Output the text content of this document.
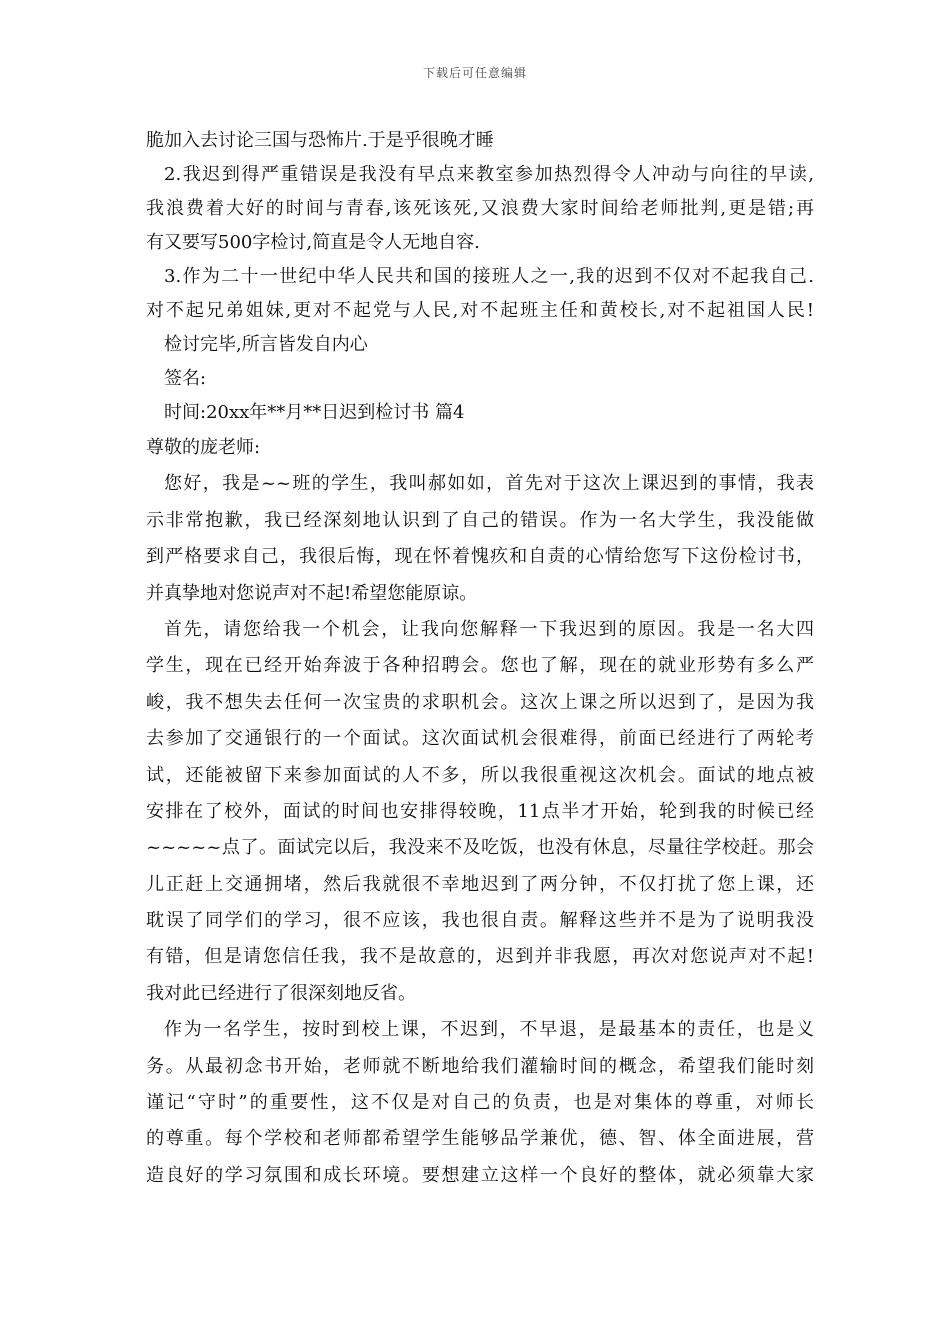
下载后可任意编辑
脆加入去讨论三国与恐怖片.于是乎很晚才睡
2.我迟到得严重错误是我没有早点来教室参加热烈得令人冲动与向往的早读,
我浪费着大好的时间与青春,该死该死,又浪费大家时间给老师批判,更是错;再
有又要写500字检讨,简直是令人无地自容.
3.作为二十一世纪中华人民共和国的接班人之一,我的迟到不仅对不起我自己.
对不起兄弟姐妹,更对不起党与人民,对不起班主任和黄校长,对不起祖国人民!
检讨完毕,所言皆发自内心
签名:
时间:20xx年**月**日迟到检讨书 篇4
尊敬的庞老师:
您好，我是~~班的学生，我叫郝如如，首先对于这次上课迟到的事情，我表
示非常抱歉，我已经深刻地认识到了自己的错误。作为一名大学生，我没能做
到严格要求自己，我很后悔，现在怀着愧疚和自责的心情给您写下这份检讨书，
并真挚地对您说声对不起!希望您能原谅。
首先，请您给我一个机会，让我向您解释一下我迟到的原因。我是一名大四
学生，现在已经开始奔波于各种招聘会。您也了解，现在的就业形势有多么严
峻，我不想失去任何一次宝贵的求职机会。这次上课之所以迟到了，是因为我
去参加了交通银行的一个面试。这次面试机会很难得，前面已经进行了两轮考
试，还能被留下来参加面试的人不多，所以我很重视这次机会。面试的地点被
安排在了校外，面试的时间也安排得较晚，11点半才开始，轮到我的时候已经
~~~~~点了。面试完以后，我没来不及吃饭，也没有休息，尽量往学校赶。那会
儿正赶上交通拥堵，然后我就很不幸地迟到了两分钟，不仅打扰了您上课，还
耽误了同学们的学习，很不应该，我也很自责。解释这些并不是为了说明我没
有错，但是请您信任我，我不是故意的，迟到并非我愿，再次对您说声对不起!
我对此已经进行了很深刻地反省。
作为一名学生，按时到校上课，不迟到，不早退，是最基本的责任，也是义
务。从最初念书开始，老师就不断地给我们灌输时间的概念，希望我们能时刻
谨记“守时”的重要性，这不仅是对自己的负责，也是对集体的尊重，对师长
的尊重。每个学校和老师都希望学生能够品学兼优，德、智、体全面进展，营
造良好的学习氛围和成长环境。要想建立这样一个良好的整体，就必须靠大家
